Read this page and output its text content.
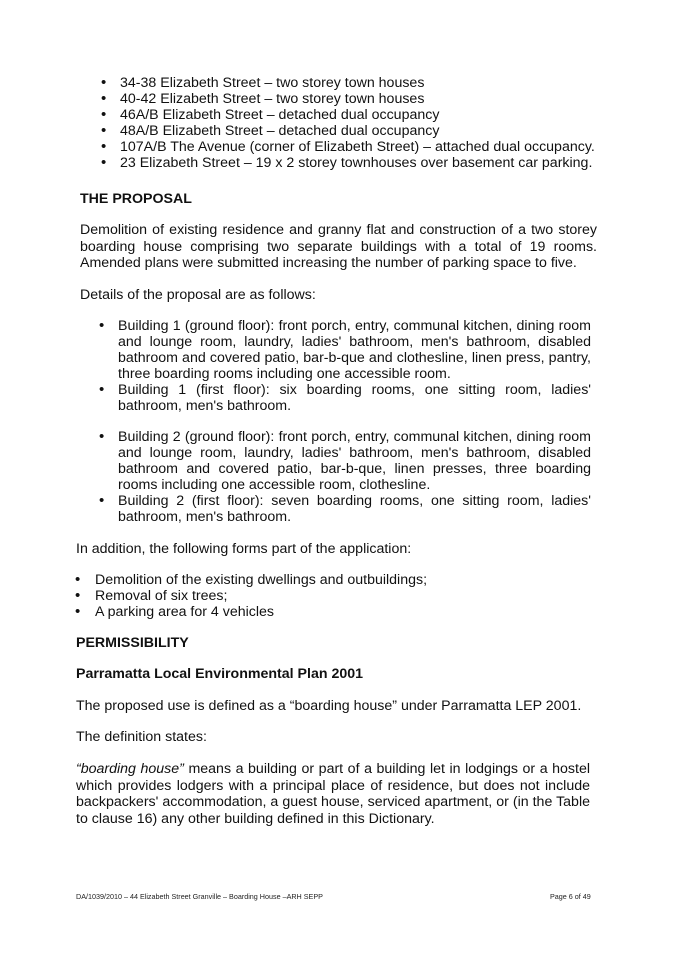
• 34-38 Elizabeth Street – two storey town houses
• 40-42 Elizabeth Street – two storey town houses
• 46A/B Elizabeth Street – detached dual occupancy
• 48A/B Elizabeth Street – detached dual occupancy
• 107A/B The Avenue (corner of Elizabeth Street) – attached dual occupancy.
• 23 Elizabeth Street – 19 x 2 storey townhouses over basement car parking.
THE PROPOSAL
Demolition of existing residence and granny flat and construction of a two storey boarding house comprising two separate buildings with a total of 19 rooms. Amended plans were submitted increasing the number of parking space to five.
Details of the proposal are as follows:
• Building 1 (ground floor): front porch, entry, communal kitchen, dining room and lounge room, laundry, ladies' bathroom, men's bathroom, disabled bathroom and covered patio, bar-b-que and clothesline, linen press, pantry, three boarding rooms including one accessible room.
• Building 1 (first floor): six boarding rooms, one sitting room, ladies' bathroom, men's bathroom.
• Building 2 (ground floor): front porch, entry, communal kitchen, dining room and lounge room, laundry, ladies' bathroom, men's bathroom, disabled bathroom and covered patio, bar-b-que, linen presses, three boarding rooms including one accessible room, clothesline.
• Building 2 (first floor): seven boarding rooms, one sitting room, ladies' bathroom, men's bathroom.
In addition, the following forms part of the application:
• Demolition of the existing dwellings and outbuildings;
• Removal of six trees;
• A parking area for 4 vehicles
PERMISSIBILITY
Parramatta Local Environmental Plan 2001
The proposed use is defined as a “boarding house” under Parramatta LEP 2001.
The definition states:
“boarding house” means a building or part of a building let in lodgings or a hostel which provides lodgers with a principal place of residence, but does not include backpackers' accommodation, a guest house, serviced apartment, or (in the Table to clause 16) any other building defined in this Dictionary.
DA/1039/2010 – 44 Elizabeth Street Granville – Boarding House –ARH SEPP	Page 6 of 49
